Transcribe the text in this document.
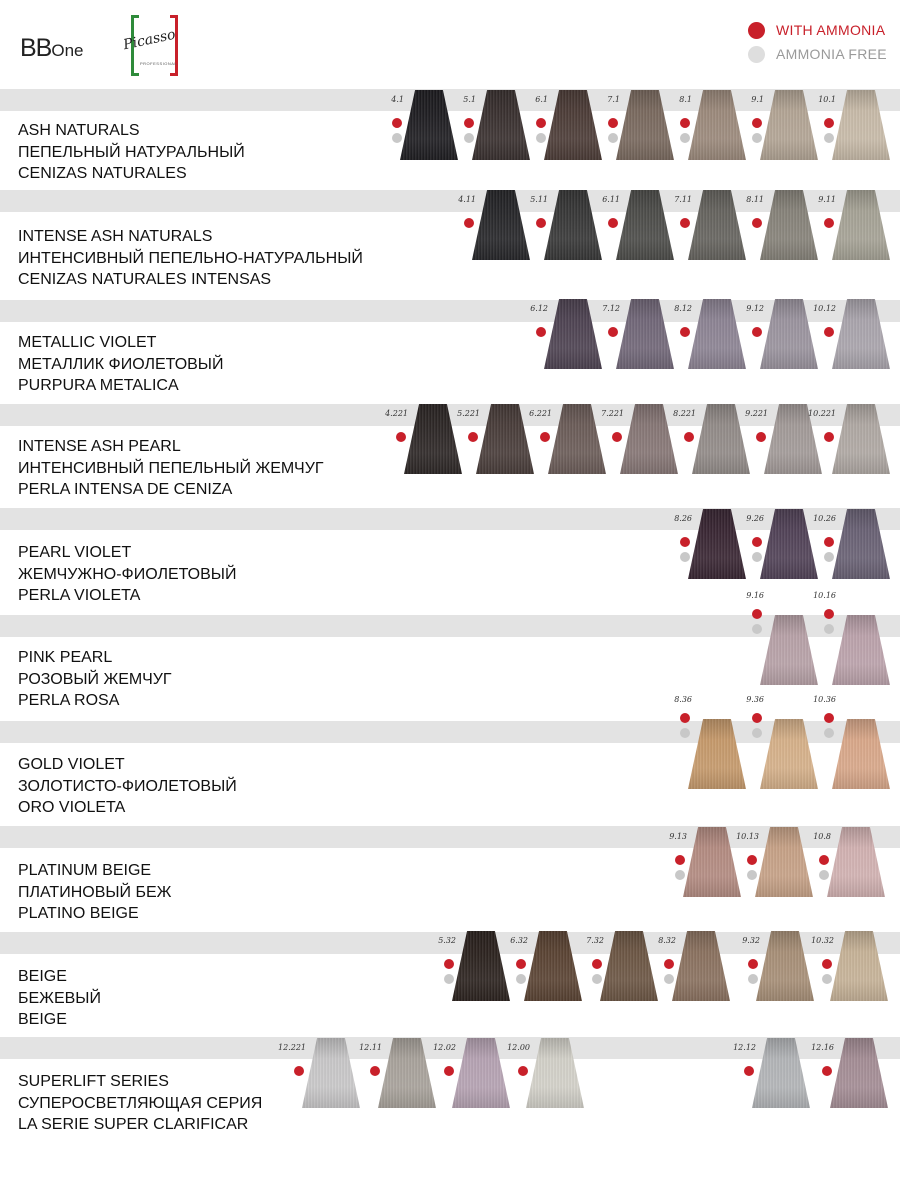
BBOne	Picasso
PROFESSIONAL
WITH AMMONIA
AMMONIA FREE
ASH NATURALS
ПЕПЕЛЬНЫЙ НАТУРАЛЬНЫЙ
CENIZAS NATURALES
4.1	5.1	6.1	7.1	8.1	9.1	10.1
INTENSE ASH NATURALS
ИНТЕНСИВНЫЙ ПЕПЕЛЬНО-НАТУРАЛЬНЫЙ
CENIZAS NATURALES INTENSAS
4.11	5.11	6.11	7.11	8.11	9.11
METALLIC VIOLET
МЕТАЛЛИК ФИОЛЕТОВЫЙ
PURPURA METALICA
6.12	7.12	8.12	9.12	10.12
INTENSE ASH PEARL
ИНТЕНСИВНЫЙ ПЕПЕЛЬНЫЙ ЖЕМЧУГ
PERLA INTENSA DE CENIZA
4.221	5.221	6.221	7.221	8.221	9.221	10.221
PEARL VIOLET
ЖЕМЧУЖНО-ФИОЛЕТОВЫЙ
PERLA VIOLETA
8.26	9.26	10.26
PINK PEARL
РОЗОВЫЙ ЖЕМЧУГ
PERLA ROSA
9.16	10.16
GOLD VIOLET
ЗОЛОТИСТО-ФИОЛЕТОВЫЙ
ORO VIOLETA
8.36	9.36	10.36
PLATINUM BEIGE
ПЛАТИНОВЫЙ БЕЖ
PLATINO BEIGE
9.13	10.13	10.8
BEIGE
БЕЖЕВЫЙ
BEIGE
5.32	6.32	7.32	8.32	9.32	10.32
SUPERLIFT SERIES
СУПЕРОСВЕТЛЯЮЩАЯ СЕРИЯ
LA SERIE SUPER CLARIFICAR
12.221	12.11	12.02	12.00	12.12	12.16
